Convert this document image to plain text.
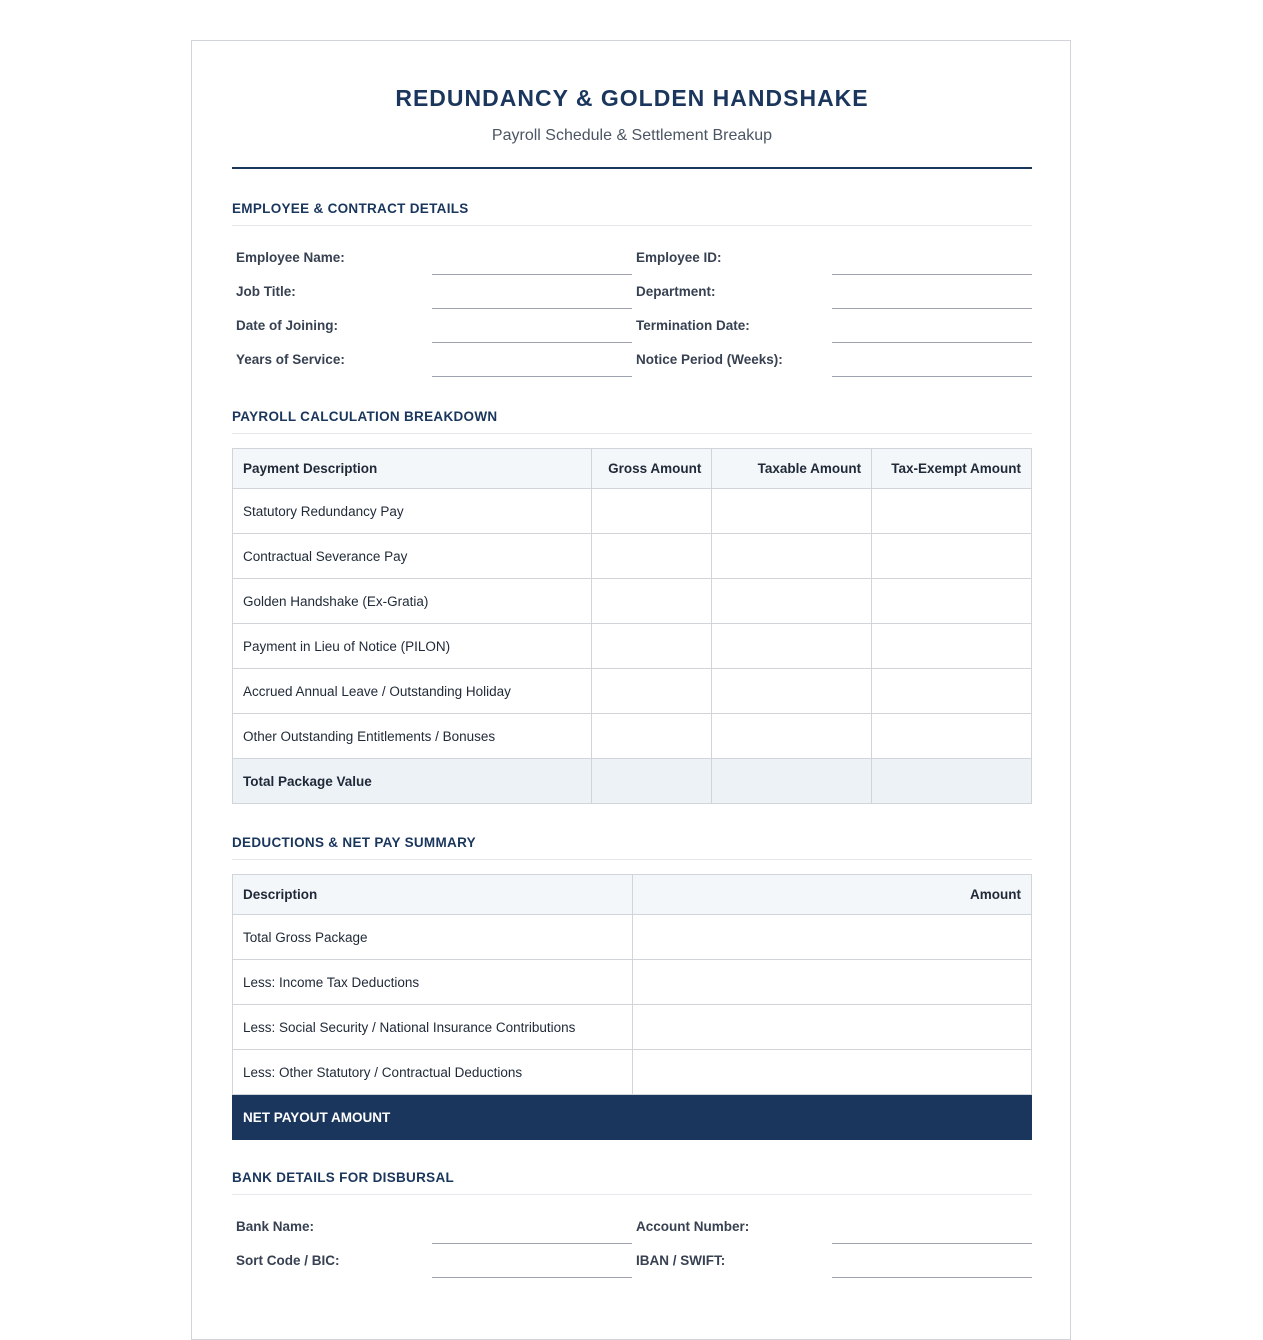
REDUNDANCY & GOLDEN HANDSHAKE
Payroll Schedule & Settlement Breakup
EMPLOYEE & CONTRACT DETAILS
Employee Name:	Employee ID:
Job Title:	Department:
Date of Joining:	Termination Date:
Years of Service:	Notice Period (Weeks):
PAYROLL CALCULATION BREAKDOWN
Payment Description	Gross Amount	Taxable Amount	Tax-Exempt Amount
Statutory Redundancy Pay			
Contractual Severance Pay			
Golden Handshake (Ex-Gratia)			
Payment in Lieu of Notice (PILON)			
Accrued Annual Leave / Outstanding Holiday			
Other Outstanding Entitlements / Bonuses			
Total Package Value			
DEDUCTIONS & NET PAY SUMMARY
Description	Amount
Total Gross Package	
Less: Income Tax Deductions	
Less: Social Security / National Insurance Contributions	
Less: Other Statutory / Contractual Deductions	
NET PAYOUT AMOUNT	
BANK DETAILS FOR DISBURSAL
Bank Name:	Account Number:
Sort Code / BIC:	IBAN / SWIFT:
